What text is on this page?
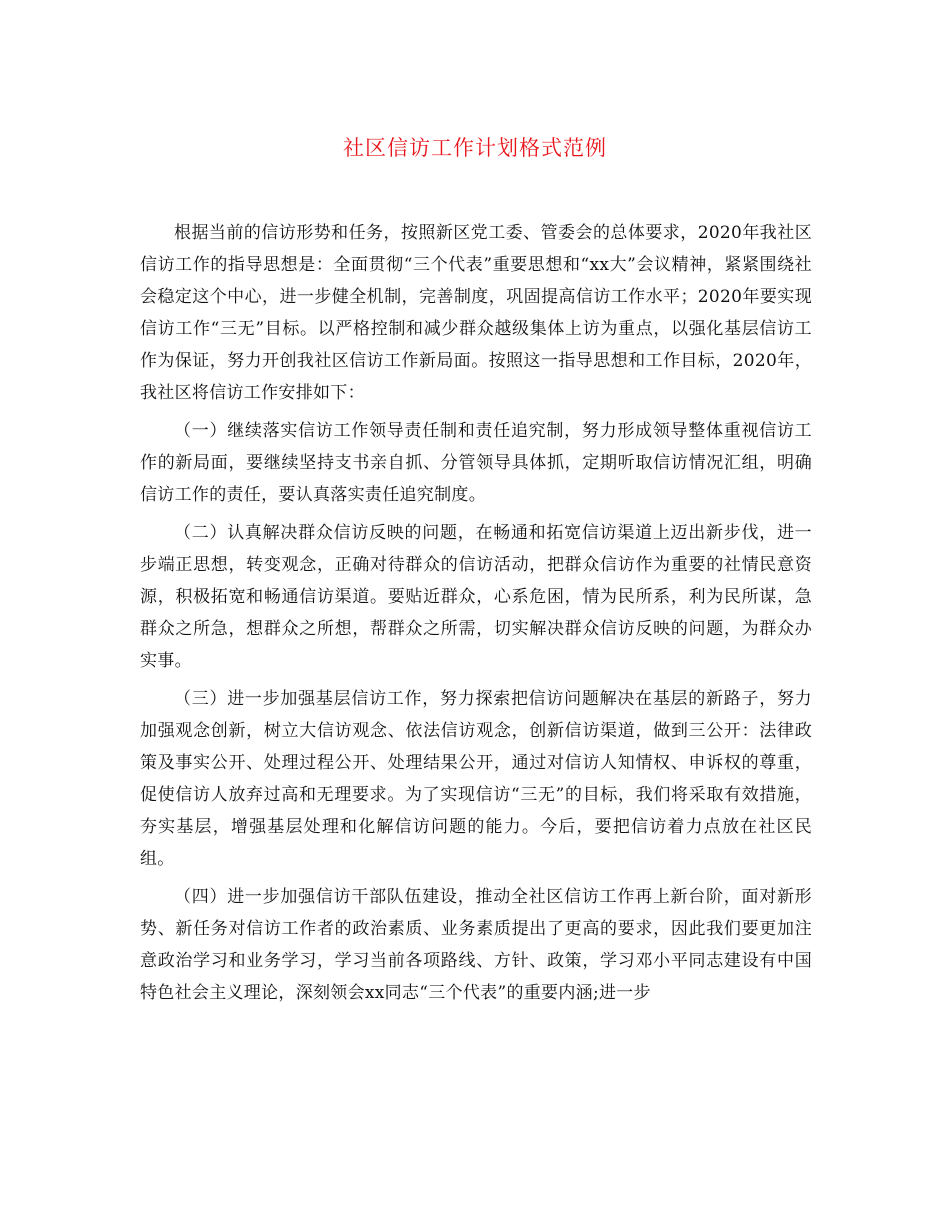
社区信访工作计划格式范例

根据当前的信访形势和任务，按照新区党工委、管委会的总体要求，2020年我社区信访工作的指导思想是：全面贯彻“三个代表”重要思想和“xx大”会议精神，紧紧围绕社会稳定这个中心，进一步健全机制，完善制度，巩固提高信访工作水平；2020年要实现信访工作“三无”目标。以严格控制和减少群众越级集体上访为重点，以强化基层信访工作为保证，努力开创我社区信访工作新局面。按照这一指导思想和工作目标，2020年，我社区将信访工作安排如下：

（一）继续落实信访工作领导责任制和责任追究制，努力形成领导整体重视信访工作的新局面，要继续坚持支书亲自抓、分管领导具体抓，定期听取信访情况汇组，明确信访工作的责任，要认真落实责任追究制度。

（二）认真解决群众信访反映的问题，在畅通和拓宽信访渠道上迈出新步伐，进一步端正思想，转变观念，正确对待群众的信访活动，把群众信访作为重要的社情民意资源，积极拓宽和畅通信访渠道。要贴近群众，心系危困，情为民所系，利为民所谋，急群众之所急，想群众之所想，帮群众之所需，切实解决群众信访反映的问题，为群众办实事。

（三）进一步加强基层信访工作，努力探索把信访问题解决在基层的新路子，努力加强观念创新，树立大信访观念、依法信访观念，创新信访渠道，做到三公开：法律政策及事实公开、处理过程公开、处理结果公开，通过对信访人知情权、申诉权的尊重，促使信访人放弃过高和无理要求。为了实现信访“三无”的目标，我们将采取有效措施，夯实基层，增强基层处理和化解信访问题的能力。今后，要把信访着力点放在社区民组。

（四）进一步加强信访干部队伍建设，推动全社区信访工作再上新台阶，面对新形势、新任务对信访工作者的政治素质、业务素质提出了更高的要求，因此我们要更加注意政治学习和业务学习，学习当前各项路线、方针、政策，学习邓小平同志建设有中国特色社会主义理论，深刻领会xx同志“三个代表”的重要内涵;进一步
